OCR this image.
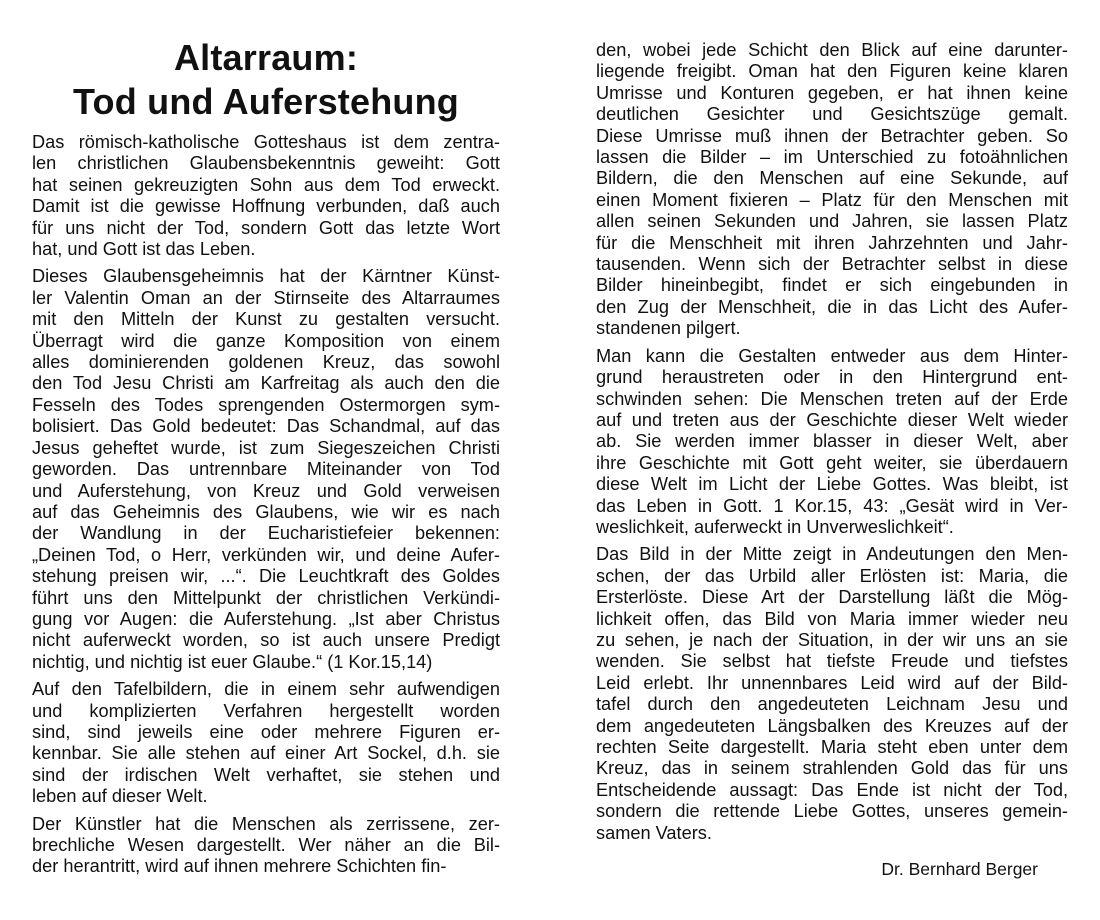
Altarraum:
Tod und Auferstehung

Das römisch-katholische Gotteshaus ist dem zentra-
len christlichen Glaubensbekenntnis geweiht: Gott
hat seinen gekreuzigten Sohn aus dem Tod erweckt.
Damit ist die gewisse Hoffnung verbunden, daß auch
für uns nicht der Tod, sondern Gott das letzte Wort
hat, und Gott ist das Leben.

Dieses Glaubensgeheimnis hat der Kärntner Künst-
ler Valentin Oman an der Stirnseite des Altarraumes
mit den Mitteln der Kunst zu gestalten versucht.
Überragt wird die ganze Komposition von einem
alles dominierenden goldenen Kreuz, das sowohl
den Tod Jesu Christi am Karfreitag als auch den die
Fesseln des Todes sprengenden Ostermorgen sym-
bolisiert. Das Gold bedeutet: Das Schandmal, auf das
Jesus geheftet wurde, ist zum Siegeszeichen Christi
geworden. Das untrennbare Miteinander von Tod
und Auferstehung, von Kreuz und Gold verweisen
auf das Geheimnis des Glaubens, wie wir es nach
der Wandlung in der Eucharistiefeier bekennen:
„Deinen Tod, o Herr, verkünden wir, und deine Aufer-
stehung preisen wir, ...“. Die Leuchtkraft des Goldes
führt uns den Mittelpunkt der christlichen Verkündi-
gung vor Augen: die Auferstehung. „Ist aber Christus
nicht auferweckt worden, so ist auch unsere Predigt
nichtig, und nichtig ist euer Glaube.“ (1 Kor.15,14)

Auf den Tafelbildern, die in einem sehr aufwendigen
und komplizierten Verfahren hergestellt worden
sind, sind jeweils eine oder mehrere Figuren er-
kennbar. Sie alle stehen auf einer Art Sockel, d.h. sie
sind der irdischen Welt verhaftet, sie stehen und
leben auf dieser Welt.

Der Künstler hat die Menschen als zerrissene, zer-
brechliche Wesen dargestellt. Wer näher an die Bil-
der herantritt, wird auf ihnen mehrere Schichten fin-

den, wobei jede Schicht den Blick auf eine darunter-
liegende freigibt. Oman hat den Figuren keine klaren
Umrisse und Konturen gegeben, er hat ihnen keine
deutlichen Gesichter und Gesichtszüge gemalt.
Diese Umrisse muß ihnen der Betrachter geben. So
lassen die Bilder – im Unterschied zu fotoähnlichen
Bildern, die den Menschen auf eine Sekunde, auf
einen Moment fixieren – Platz für den Menschen mit
allen seinen Sekunden und Jahren, sie lassen Platz
für die Menschheit mit ihren Jahrzehnten und Jahr-
tausenden. Wenn sich der Betrachter selbst in diese
Bilder hineinbegibt, findet er sich eingebunden in
den Zug der Menschheit, die in das Licht des Aufer-
standenen pilgert.

Man kann die Gestalten entweder aus dem Hinter-
grund heraustreten oder in den Hintergrund ent-
schwinden sehen: Die Menschen treten auf der Erde
auf und treten aus der Geschichte dieser Welt wieder
ab. Sie werden immer blasser in dieser Welt, aber
ihre Geschichte mit Gott geht weiter, sie überdauern
diese Welt im Licht der Liebe Gottes. Was bleibt, ist
das Leben in Gott. 1 Kor.15, 43: „Gesät wird in Ver-
weslichkeit, auferweckt in Unverweslichkeit“.

Das Bild in der Mitte zeigt in Andeutungen den Men-
schen, der das Urbild aller Erlösten ist: Maria, die
Ersterlöste. Diese Art der Darstellung läßt die Mög-
lichkeit offen, das Bild von Maria immer wieder neu
zu sehen, je nach der Situation, in der wir uns an sie
wenden. Sie selbst hat tiefste Freude und tiefstes
Leid erlebt. Ihr unnennbares Leid wird auf der Bild-
tafel durch den angedeuteten Leichnam Jesu und
dem angedeuteten Längsbalken des Kreuzes auf der
rechten Seite dargestellt. Maria steht eben unter dem
Kreuz, das in seinem strahlenden Gold das für uns
Entscheidende aussagt: Das Ende ist nicht der Tod,
sondern die rettende Liebe Gottes, unseres gemein-
samen Vaters.

Dr. Bernhard Berger
